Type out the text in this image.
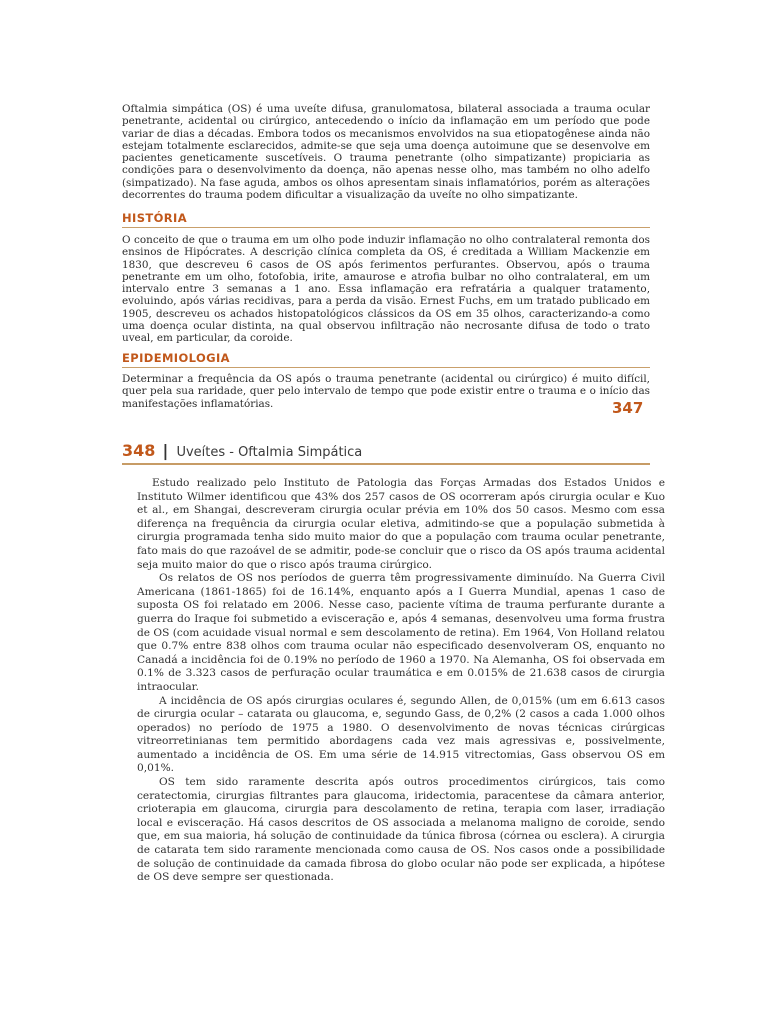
Oftalmia simpática (OS) é uma uveíte difusa, granulomatosa, bilateral associada a trauma ocular penetrante, acidental ou cirúrgico, antecedendo o início da inflamação em um período que pode variar de dias a décadas. Embora todos os mecanismos envolvidos na sua etiopatogênese ainda não estejam totalmente esclarecidos, admite-se que seja uma doença autoimune que se desenvolve em pacientes geneticamente suscetíveis. O trauma penetrante (olho simpatizante) propiciaria as condições para o desenvolvimento da doença, não apenas nesse olho, mas também no olho adelfo (simpatizado). Na fase aguda, ambos os olhos apresentam sinais inflamatórios, porém as alterações decorrentes do trauma podem dificultar a visualização da uveíte no olho simpatizante.
HISTÓRIA
O conceito de que o trauma em um olho pode induzir inflamação no olho contralateral remonta dos ensinos de Hipócrates. A descrição clínica completa da OS, é creditada a William Mackenzie em 1830, que descreveu 6 casos de OS após ferimentos perfurantes. Observou, após o trauma penetrante em um olho, fotofobia, irite, amaurose e atrofia bulbar no olho contralateral, em um intervalo entre 3 semanas a 1 ano. Essa inflamação era refratária a qualquer tratamento, evoluindo, após várias recidivas, para a perda da visão. Ernest Fuchs, em um tratado publicado em 1905, descreveu os achados histopatológicos clássicos da OS em 35 olhos, caracterizando-a como uma doença ocular distinta, na qual observou infiltração não necrosante difusa de todo o trato uveal, em particular, da coroide.
EPIDEMIOLOGIA
Determinar a frequência da OS após o trauma penetrante (acidental ou cirúrgico) é muito difícil, quer pela sua raridade, quer pelo intervalo de tempo que pode existir entre o trauma e o início das manifestações inflamatórias.	347
348 | Uveítes - Oftalmia Simpática

Estudo realizado pelo Instituto de Patologia das Forças Armadas dos Estados Unidos e Instituto Wilmer identificou que 43% dos 257 casos de OS ocorreram após cirurgia ocular e Kuo et al., em Shangai, descreveram cirurgia ocular prévia em 10% dos 50 casos. Mesmo com essa diferença na frequência da cirurgia ocular eletiva, admitindo-se que a população submetida à cirurgia programada tenha sido muito maior do que a população com trauma ocular penetrante, fato mais do que razoável de se admitir, pode-se concluir que o risco da OS após trauma acidental seja muito maior do que o risco após trauma cirúrgico.

Os relatos de OS nos períodos de guerra têm progressivamente diminuído. Na Guerra Civil Americana (1861-1865) foi de 16.14%, enquanto após a I Guerra Mundial, apenas 1 caso de suposta OS foi relatado em 2006. Nesse caso, paciente vítima de trauma perfurante durante a guerra do Iraque foi submetido a evisceração e, após 4 semanas, desenvolveu uma forma frustra de OS (com acuidade visual normal e sem descolamento de retina). Em 1964, Von Holland relatou que 0.7% entre 838 olhos com trauma ocular não especificado desenvolveram OS, enquanto no Canadá a incidência foi de 0.19% no período de 1960 a 1970. Na Alemanha, OS foi observada em 0.1% de 3.323 casos de perfuração ocular traumática e em 0.015% de 21.638 casos de cirurgia intraocular.

A incidência de OS após cirurgias oculares é, segundo Allen, de 0,015% (um em 6.613 casos de cirurgia ocular – catarata ou glaucoma, e, segundo Gass, de 0,2% (2 casos a cada 1.000 olhos operados) no período de 1975 a 1980. O desenvolvimento de novas técnicas cirúrgicas vitreorretinianas tem permitido abordagens cada vez mais agressivas e, possivelmente, aumentado a incidência de OS. Em uma série de 14.915 vitrectomias, Gass observou OS em 0,01%.

OS tem sido raramente descrita após outros procedimentos cirúrgicos, tais como ceratectomia, cirurgias filtrantes para glaucoma, iridectomia, paracentese da câmara anterior, crioterapia em glaucoma, cirurgia para descolamento de retina, terapia com laser, irradiação local e evisceração. Há casos descritos de OS associada a melanoma maligno de coroide, sendo que, em sua maioria, há solução de continuidade da túnica fibrosa (córnea ou esclera). A cirurgia de catarata tem sido raramente mencionada como causa de OS. Nos casos onde a possibilidade de solução de continuidade da camada fibrosa do globo ocular não pode ser explicada, a hipótese de OS deve sempre ser questionada.
